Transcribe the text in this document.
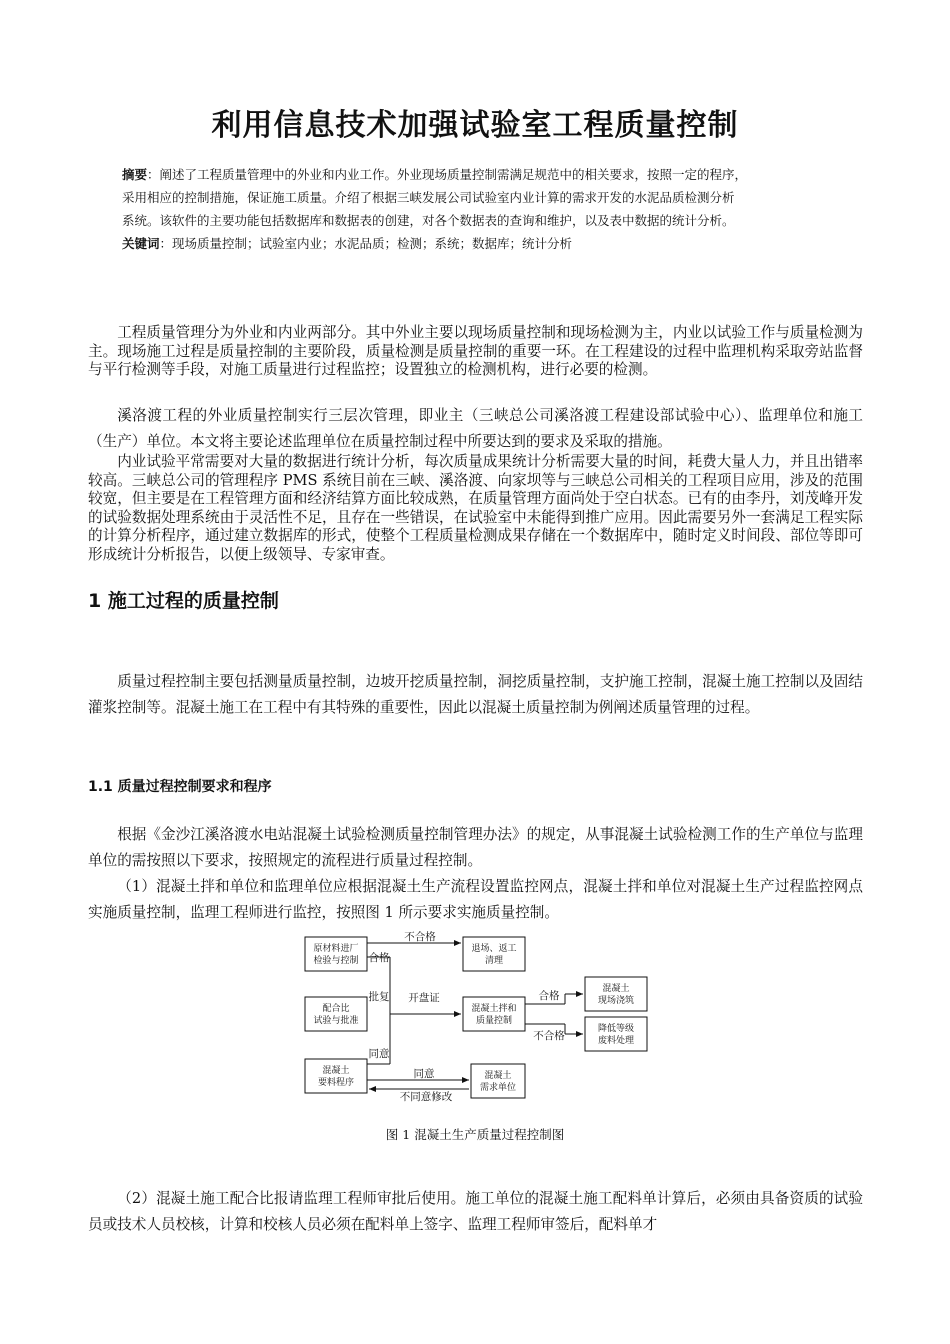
利用信息技术加强试验室工程质量控制
摘要：阐述了工程质量管理中的外业和内业工作。外业现场质量控制需满足规范中的相关要求，按照一定的程序，
采用相应的控制措施，保证施工质量。介绍了根据三峡发展公司试验室内业计算的需求开发的水泥品质检测分析
系统。该软件的主要功能包括数据库和数据表的创建，对各个数据表的查询和维护，以及表中数据的统计分析。
关键词：现场质量控制；试验室内业；水泥品质；检测；系统；数据库；统计分析
工程质量管理分为外业和内业两部分。其中外业主要以现场质量控制和现场检测为主，内业以试验工作与质量检测为主。现场施工过程是质量控制的主要阶段，质量检测是质量控制的重要一环。在工程建设的过程中监理机构采取旁站监督与平行检测等手段，对施工质量进行过程监控；设置独立的检测机构，进行必要的检测。
溪洛渡工程的外业质量控制实行三层次管理，即业主（三峡总公司溪洛渡工程建设部试验中心）、监理单位和施工（生产）单位。本文将主要论述监理单位在质量控制过程中所要达到的要求及采取的措施。
内业试验平常需要对大量的数据进行统计分析，每次质量成果统计分析需要大量的时间，耗费大量人力，并且出错率较高。三峡总公司的管理程序 PMS 系统目前在三峡、溪洛渡、向家坝等与三峡总公司相关的工程项目应用，涉及的范围较宽，但主要是在工程管理方面和经济结算方面比较成熟，在质量管理方面尚处于空白状态。已有的由李丹，刘茂峰开发的试验数据处理系统由于灵活性不足，且存在一些错误，在试验室中未能得到推广应用。因此需要另外一套满足工程实际的计算分析程序，通过建立数据库的形式，使整个工程质量检测成果存储在一个数据库中，随时定义时间段、部位等即可形成统计分析报告，以便上级领导、专家审查。
1 施工过程的质量控制
质量过程控制主要包括测量质量控制，边坡开挖质量控制，洞挖质量控制，支护施工控制，混凝土施工控制以及固结灌浆控制等。混凝土施工在工程中有其特殊的重要性，因此以混凝土质量控制为例阐述质量管理的过程。
1.1 质量过程控制要求和程序
根据《金沙江溪洛渡水电站混凝土试验检测质量控制管理办法》的规定，从事混凝土试验检测工作的生产单位与监理单位的需按照以下要求，按照规定的流程进行质量过程控制。
（1）混凝土拌和单位和监理单位应根据混凝土生产流程设置监控网点，混凝土拌和单位对混凝土生产过程监控网点实施质量控制，监理工程师进行监控，按照图 1 所示要求实施质量控制。
原材料进厂
检验与控制
退场、返工
清理
配合比
试验与批准
混凝土拌和
质量控制
混凝土
现场浇筑
降低等级
废料处理
混凝土
要料程序
混凝土
需求单位
不合格
合格
批复 开盘证	合格
不合格
同意
同意
不同意修改
图 1 混凝土生产质量过程控制图
（2）混凝土施工配合比报请监理工程师审批后使用。施工单位的混凝土施工配料单计算后，必须由具备资质的试验员或技术人员校核，计算和校核人员必须在配料单上签字、监理工程师审签后，配料单才
